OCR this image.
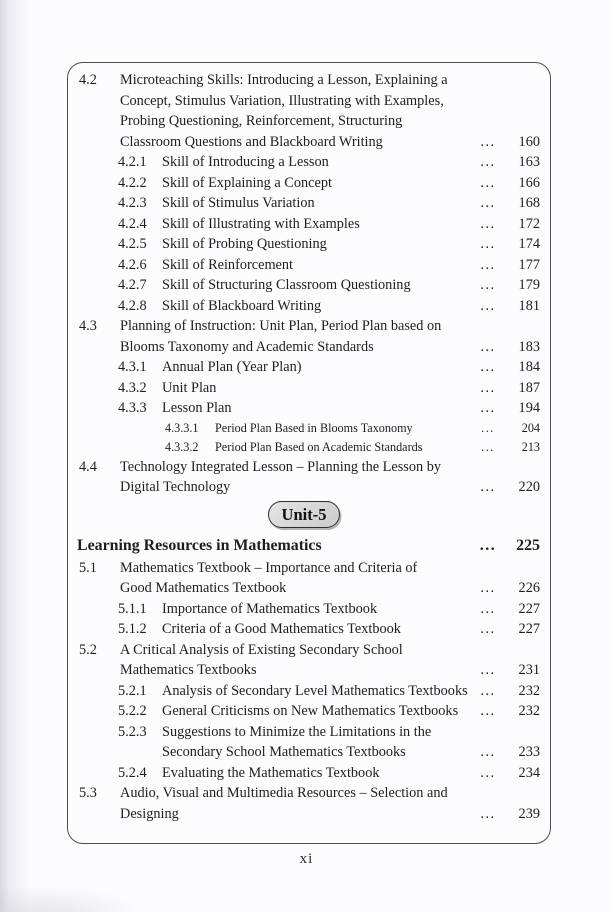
4.2	Microteaching Skills: Introducing a Lesson, Explaining a
Concept, Stimulus Variation, Illustrating with Examples,
Probing Questioning, Reinforcement, Structuring
Classroom Questions and Blackboard Writing	...	160
4.2.1	Skill of Introducing a Lesson	...	163
4.2.2	Skill of Explaining a Concept	...	166
4.2.3	Skill of Stimulus Variation	...	168
4.2.4	Skill of Illustrating with Examples	...	172
4.2.5	Skill of Probing Questioning	...	174
4.2.6	Skill of Reinforcement	...	177
4.2.7	Skill of Structuring Classroom Questioning	...	179
4.2.8	Skill of Blackboard Writing	...	181
4.3	Planning of Instruction: Unit Plan, Period Plan based on
Blooms Taxonomy and Academic Standards	...	183
4.3.1	Annual Plan (Year Plan)	...	184
4.3.2	Unit Plan	...	187
4.3.3	Lesson Plan	...	194
4.3.3.1	Period Plan Based in Blooms Taxonomy	...	204
4.3.3.2	Period Plan Based on Academic Standards	...	213
4.4	Technology Integrated Lesson – Planning the Lesson by
Digital Technology	...	220
Unit-5
Learning Resources in Mathematics	...	225
5.1	Mathematics Textbook – Importance and Criteria of
Good Mathematics Textbook	...	226
5.1.1	Importance of Mathematics Textbook	...	227
5.1.2	Criteria of a Good Mathematics Textbook	...	227
5.2	A Critical Analysis of Existing Secondary School
Mathematics Textbooks	...	231
5.2.1	Analysis of Secondary Level Mathematics Textbooks ...	232
5.2.2	General Criticisms on New Mathematics Textbooks	...	232
5.2.3	Suggestions to Minimize the Limitations in the
Secondary School Mathematics Textbooks	...	233
5.2.4	Evaluating the Mathematics Textbook	...	234
5.3	Audio, Visual and Multimedia Resources – Selection and
Designing	...	239
xi
